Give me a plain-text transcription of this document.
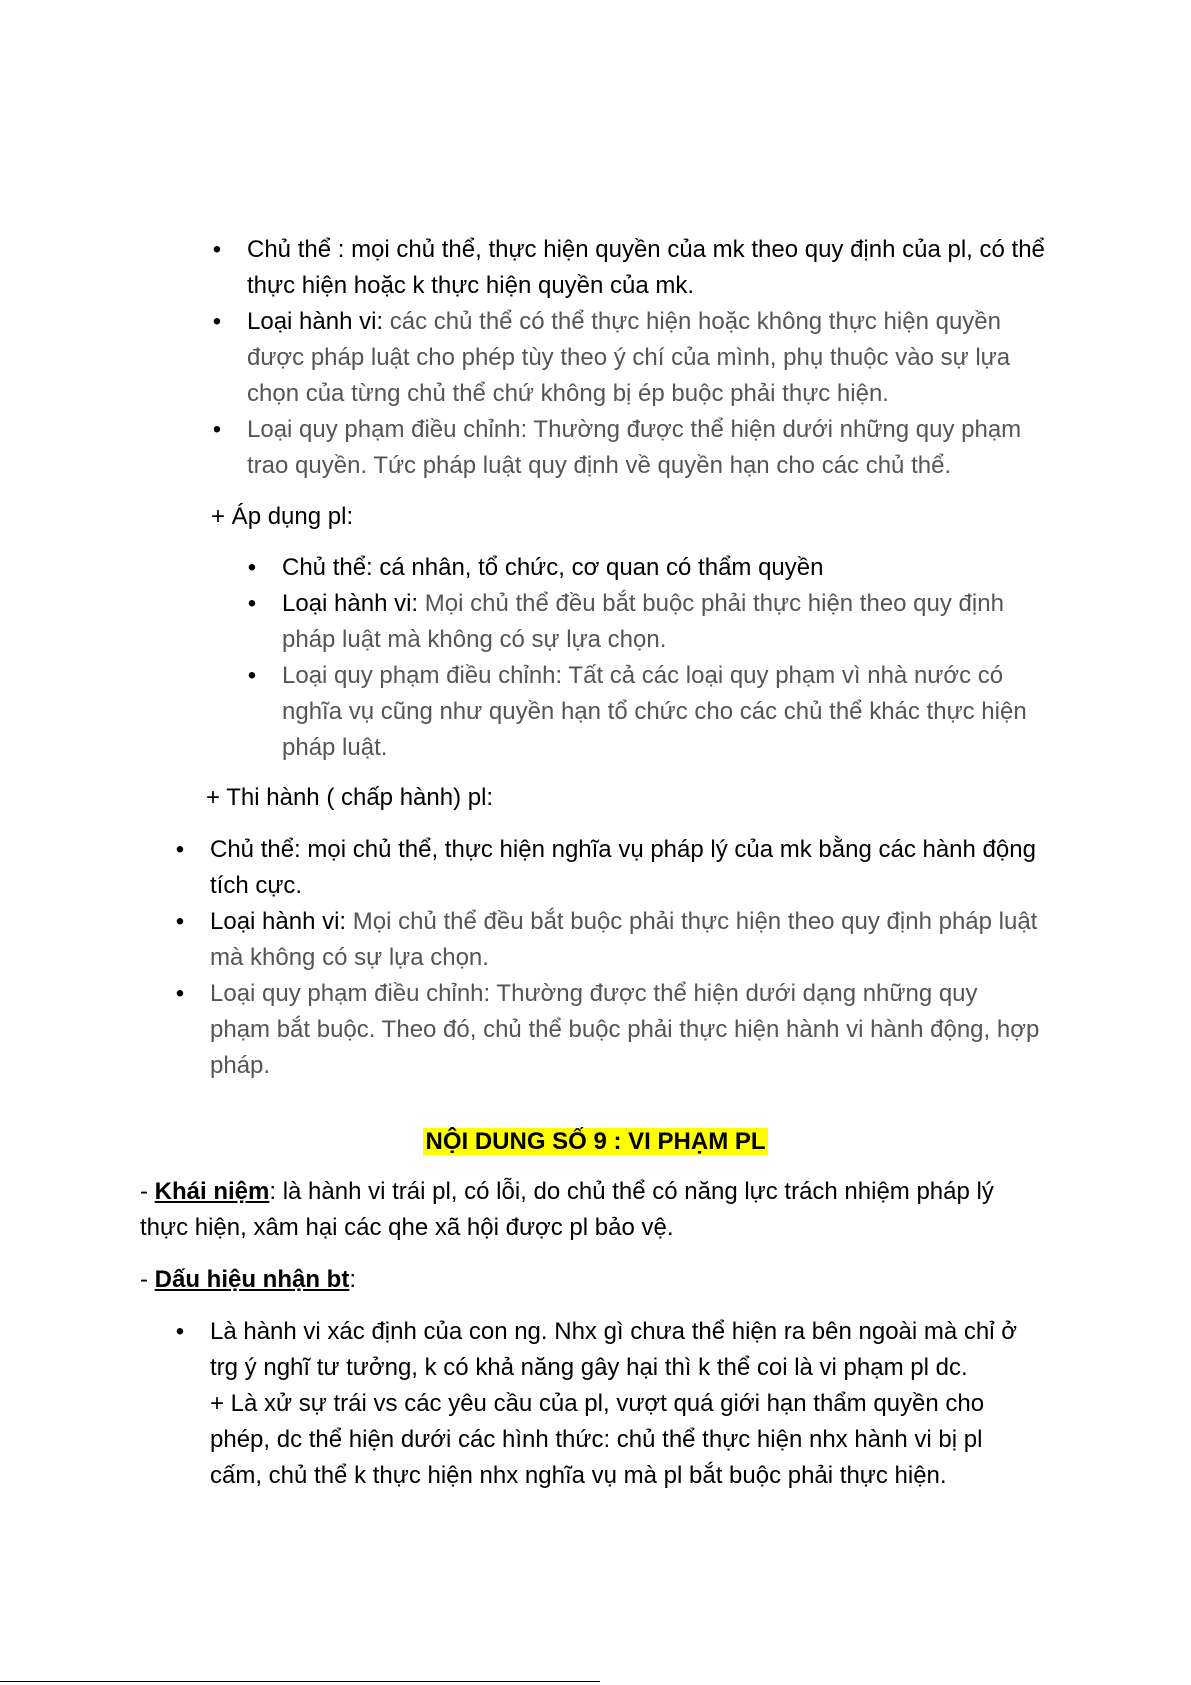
• Chủ thể : mọi chủ thể, thực hiện quyền của mk theo quy định của pl, có thể thực hiện hoặc k thực hiện quyền của mk.
• Loại hành vi: các chủ thể có thể thực hiện hoặc không thực hiện quyền được pháp luật cho phép tùy theo ý chí của mình, phụ thuộc vào sự lựa chọn của từng chủ thể chứ không bị ép buộc phải thực hiện.
• Loại quy phạm điều chỉnh: Thường được thể hiện dưới những quy phạm trao quyền. Tức pháp luật quy định về quyền hạn cho các chủ thể.
+ Áp dụng pl:
• Chủ thể: cá nhân, tổ chức, cơ quan có thẩm quyền
• Loại hành vi: Mọi chủ thể đều bắt buộc phải thực hiện theo quy định pháp luật mà không có sự lựa chọn.
• Loại quy phạm điều chỉnh: Tất cả các loại quy phạm vì nhà nước có nghĩa vụ cũng như quyền hạn tổ chức cho các chủ thể khác thực hiện pháp luật.
+ Thi hành ( chấp hành) pl:
• Chủ thể: mọi chủ thể, thực hiện nghĩa vụ pháp lý của mk bằng các hành động tích cực.
• Loại hành vi: Mọi chủ thể đều bắt buộc phải thực hiện theo quy định pháp luật mà không có sự lựa chọn.
• Loại quy phạm điều chỉnh: Thường được thể hiện dưới dạng những quy phạm bắt buộc. Theo đó, chủ thể buộc phải thực hiện hành vi hành động, hợp pháp.
NỘI DUNG SỐ 9 : VI PHẠM PL
- Khái niệm: là hành vi trái pl, có lỗi, do chủ thể có năng lực trách nhiệm pháp lý thực hiện, xâm hại các qhe xã hội được pl bảo vệ.
- Dấu hiệu nhận bt:
• Là hành vi xác định của con ng. Nhx gì chưa thể hiện ra bên ngoài mà chỉ ở trg ý nghĩ tư tưởng, k có khả năng gây hại thì k thể coi là vi phạm pl dc.
+ Là xử sự trái vs các yêu cầu của pl, vượt quá giới hạn thẩm quyền cho phép, dc thể hiện dưới các hình thức: chủ thể thực hiện nhx hành vi bị pl cấm, chủ thể k thực hiện nhx nghĩa vụ mà pl bắt buộc phải thực hiện.
